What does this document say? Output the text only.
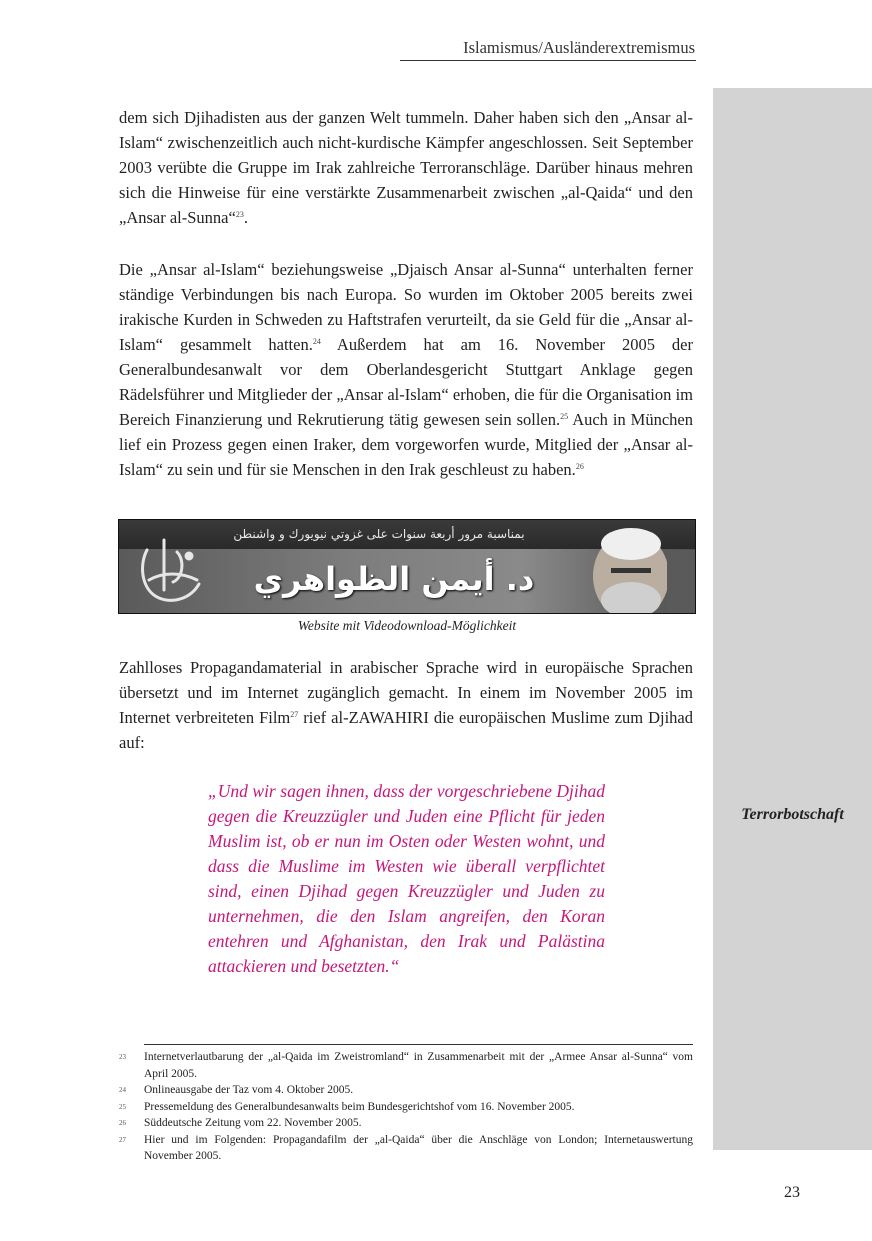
Islamismus/Ausländerextremismus
Terrorbotschaft
dem sich Djihadisten aus der ganzen Welt tummeln. Daher haben sich den „Ansar al-Islam“ zwischenzeitlich auch nicht-kurdische Kämpfer angeschlossen. Seit September 2003 verübte die Gruppe im Irak zahlreiche Terroranschläge. Darüber hinaus mehren sich die Hinweise für eine verstärkte Zusammenarbeit zwischen „al-Qaida“ und den „Ansar al-Sunna“$^{23}$.
Die „Ansar al-Islam“ beziehungsweise „Djaisch Ansar al-Sunna“ unterhalten ferner ständige Verbindungen bis nach Europa. So wurden im Oktober 2005 bereits zwei irakische Kurden in Schweden zu Haftstrafen verurteilt, da sie Geld für die „Ansar al-Islam“ gesammelt hatten.$^{24}$ Außerdem hat am 16. November 2005 der Generalbundesanwalt vor dem Oberlandesgericht Stuttgart Anklage gegen Rädelsführer und Mitglieder der „Ansar al-Islam“ erhoben, die für die Organisation im Bereich Finanzierung und Rekrutierung tätig gewesen sein sollen.$^{25}$ Auch in München lief ein Prozess gegen einen Iraker, dem vorgeworfen wurde, Mitglied der „Ansar al-Islam“ zu sein und für sie Menschen in den Irak geschleust zu haben.$^{26}$
بمناسبة مرور أربعة سنوات على غزوتي نيويورك و واشنطن
د. أيمن الظواهري
Website mit Videodownload-Möglichkeit
Zahlloses Propagandamaterial in arabischer Sprache wird in europäische Sprachen übersetzt und im Internet zugänglich gemacht. In einem im November 2005 im Internet verbreiteten Film$^{27}$ rief al-ZAWAHIRI die europäischen Muslime zum Djihad auf:
„Und wir sagen ihnen, dass der vorgeschriebene Djihad gegen die Kreuzzügler und Juden eine Pflicht für jeden Muslim ist, ob er nun im Osten oder Westen wohnt, und dass die Muslime im Westen wie überall verpflichtet sind, einen Djihad gegen Kreuzzügler und Juden zu unternehmen, die den Islam angreifen, den Koran entehren und Afghanistan, den Irak und Palästina attackieren und besetzten.“
23	Internetverlautbarung der „al-Qaida im Zweistromland“ in Zusammenarbeit mit der „Armee Ansar al-Sunna“ vom April 2005.
24	Onlineausgabe der Taz vom 4. Oktober 2005.
25	Pressemeldung des Generalbundesanwalts beim Bundesgerichtshof vom 16. November 2005.
26	Süddeutsche Zeitung vom 22. November 2005.
27	Hier und im Folgenden: Propagandafilm der „al-Qaida“ über die Anschläge von London; Internetauswertung November 2005.
23
